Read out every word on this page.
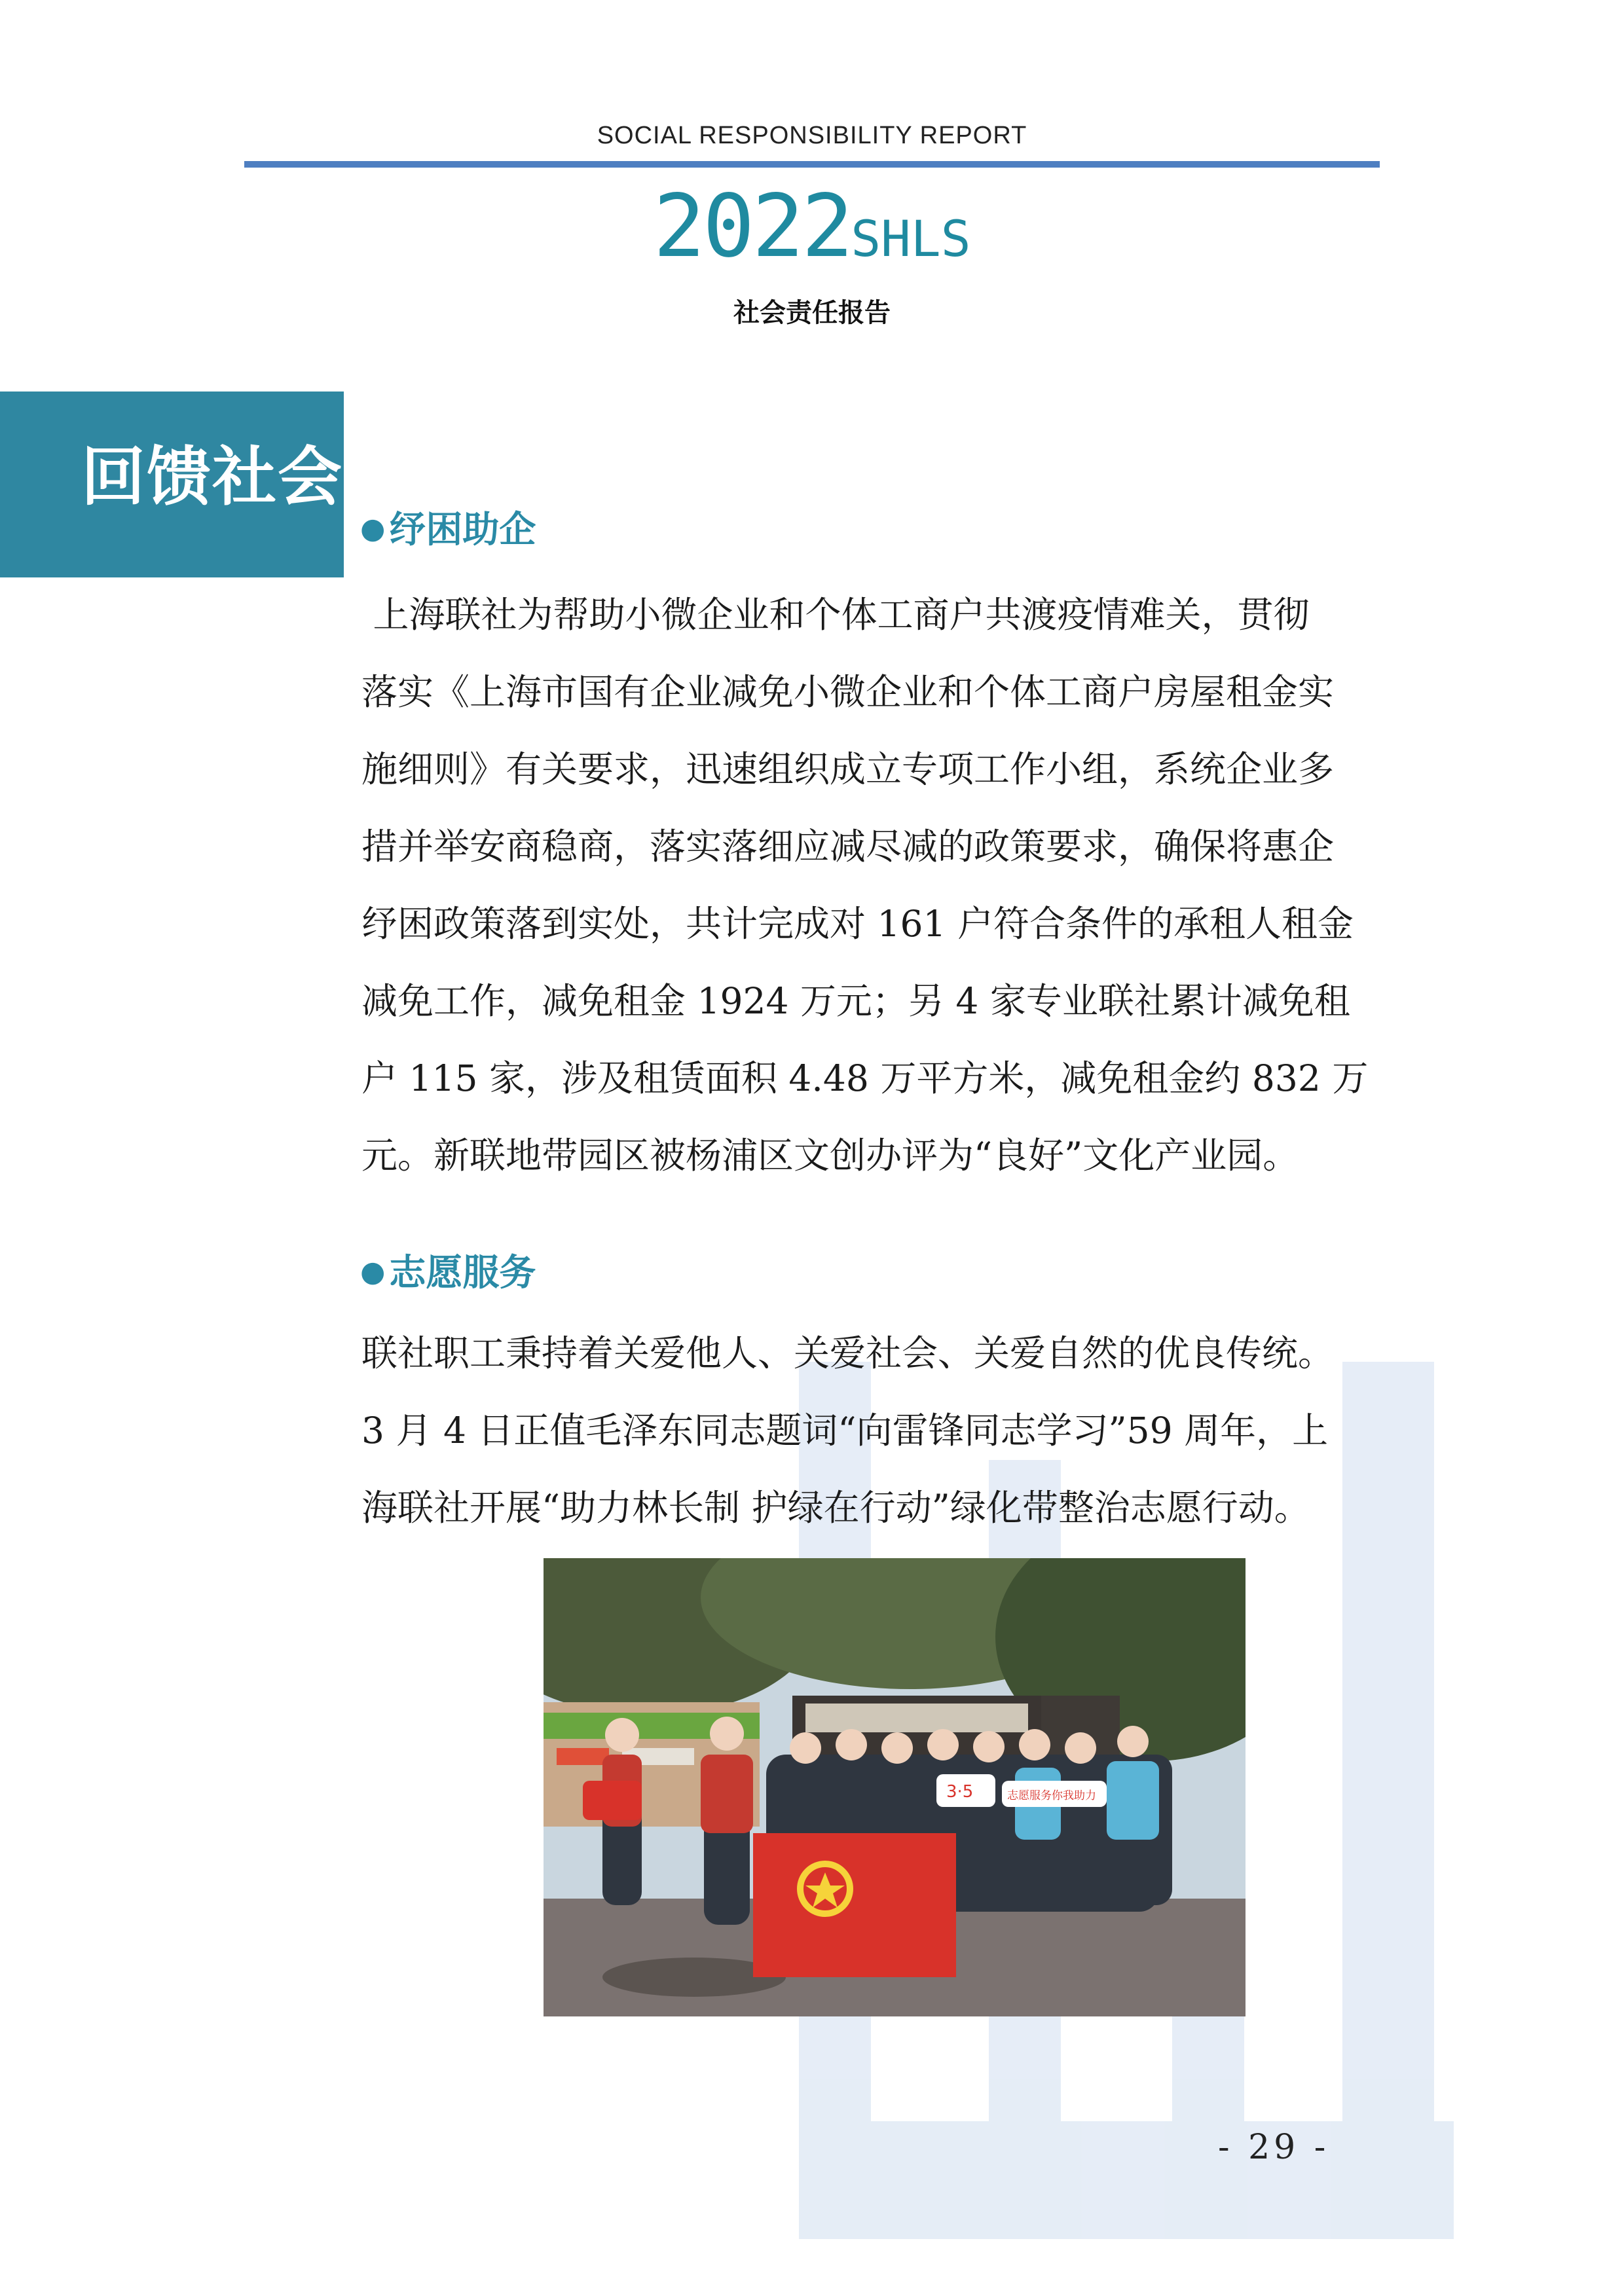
SOCIAL RESPONSIBILITY REPORT
2022SHLS
社会责任报告
回馈社会
● 纾困助企

上海联社为帮助小微企业和个体工商户共渡疫情难关，贯彻
落实《上海市国有企业减免小微企业和个体工商户房屋租金实
施细则》有关要求，迅速组织成立专项工作小组，系统企业多
措并举安商稳商，落实落细应减尽减的政策要求，确保将惠企
纾困政策落到实处，共计完成对 161 户符合条件的承租人租金
减免工作，减免租金 1924 万元；另 4 家专业联社累计减免租
户 115 家，涉及租赁面积 4.48 万平方米，减免租金约 832 万
元。新联地带园区被杨浦区文创办评为“良好”文化产业园。

● 志愿服务

联社职工秉持着关爱他人、关爱社会、关爱自然的优良传统。
3 月 4 日正值毛泽东同志题词“向雷锋同志学习”59 周年，上
海联社开展“助力林长制 护绿在行动”绿化带整治志愿行动。

3·5	志愿服务你我助力
- 29 -
